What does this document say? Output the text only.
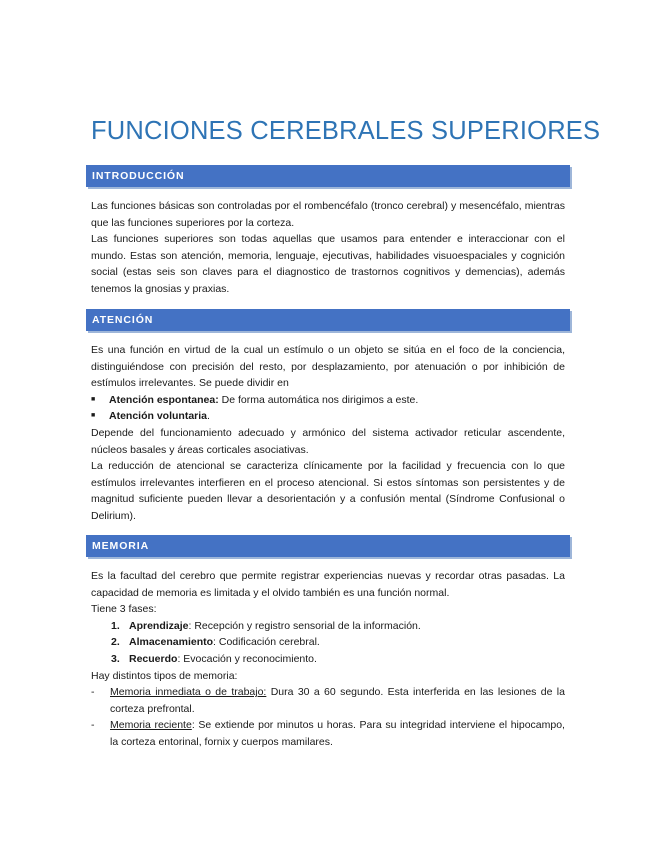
FUNCIONES CEREBRALES SUPERIORES
INTRODUCCIÓN

Las funciones básicas son controladas por el rombencéfalo (tronco cerebral) y mesencéfalo, mientras que las funciones superiores por la corteza.

Las funciones superiores son todas aquellas que usamos para entender e interaccionar con el mundo. Estas son atención, memoria, lenguaje, ejecutivas, habilidades visuoespaciales y cognición social (estas seis son claves para el diagnostico de trastornos cognitivos y demencias), además tenemos la gnosias y praxias.

ATENCIÓN

Es una función en virtud de la cual un estímulo o un objeto se sitúa en el foco de la conciencia, distinguiéndose con precisión del resto, por desplazamiento, por atenuación o por inhibición de estímulos irrelevantes. Se puede dividir en

■ Atención espontanea: De forma automática nos dirigimos a este.
■ Atención voluntaria.

Depende del funcionamiento adecuado y armónico del sistema activador reticular ascendente, núcleos basales y áreas corticales asociativas.

La reducción de atencional se caracteriza clínicamente por la facilidad y frecuencia con lo que estímulos irrelevantes interfieren en el proceso atencional. Si estos síntomas son persistentes y de magnitud suficiente pueden llevar a desorientación y a confusión mental (Síndrome Confusional o Delirium).

MEMORIA

Es la facultad del cerebro que permite registrar experiencias nuevas y recordar otras pasadas. La capacidad de memoria es limitada y el olvido también es una función normal.

Tiene 3 fases:

1. Aprendizaje: Recepción y registro sensorial de la información.
2. Almacenamiento: Codificación cerebral.
3. Recuerdo: Evocación y reconocimiento.

Hay distintos tipos de memoria:

- Memoria inmediata o de trabajo: Dura 30 a 60 segundo. Esta interferida en las lesiones de la corteza prefrontal.
- Memoria reciente: Se extiende por minutos u horas. Para su integridad interviene el hipocampo, la corteza entorinal, fornix y cuerpos mamilares.
